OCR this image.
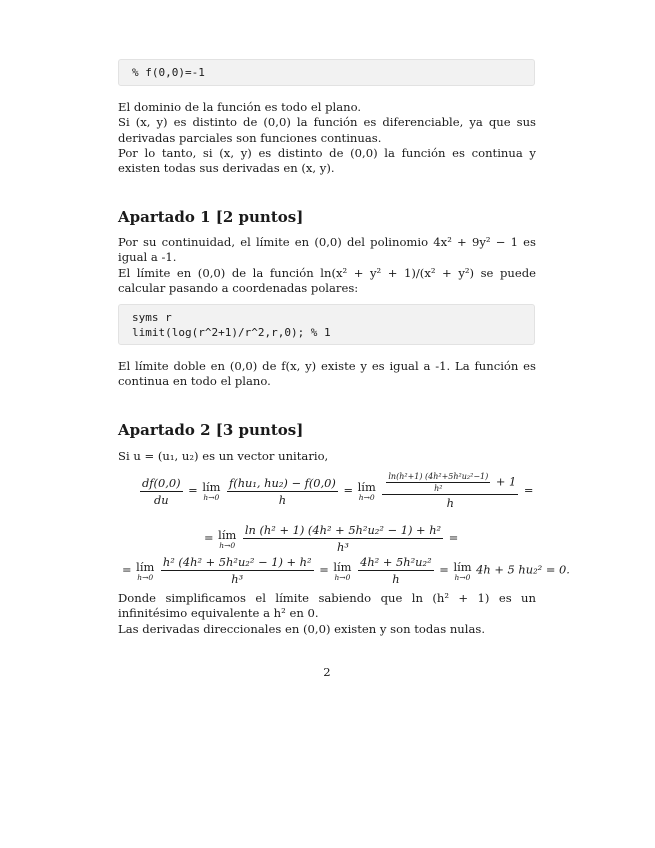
% f(0,0)=-1

El dominio de la función es todo el plano.

Si (x, y) es distinto de (0,0) la función es diferenciable, ya que sus derivadas parciales son funciones continuas.

Por lo tanto, si (x, y) es distinto de (0,0) la función es continua y existen todas sus derivadas en (x, y).

Apartado 1 [2 puntos]

Por su continuidad, el límite en (0,0) del polinomio 4x² + 9y² − 1 es igual a -1.

El límite en (0,0) de la función ln(x² + y² + 1)/(x² + y²) se puede calcular pasando a coordenadas polares:

syms r
limit(log(r^2+1)/r^2,r,0); % 1

El límite doble en (0,0) de f(x, y) existe y es igual a -1. La función es continua en todo el plano.

Apartado 2 [3 puntos]

Si u = (u₁, u₂) es un vector unitario,

$\frac{df(0,0)}{du}$ = lím
h→0
$\frac{\text{f(hu₁, hu₂) − f(0,0)}}{h}$ = lím
h→0
$\frac{\frac{\text{ln(h²+1) (4h²+5h²u₂²−1)}}{\text{h²}} + 1}{h}$ =
= lím
h→0
$\frac{\text{ln (h² + 1) (4h² + 5h²u₂² − 1) + h²}}{\text{h³}}$ =
= lím
h→0
$\frac{\text{h² (4h² + 5h²u₂² − 1) + h²}}{\text{h³}}$ = lím
h→0
$\frac{\text{4h² + 5h²u₂²}}{h}$ = lím
h→0
4h + 5 hu₂² = 0.

Donde simplificamos el límite sabiendo que ln (h² + 1) es un infinitésimo equivalente a h² en 0.

Las derivadas direccionales en (0,0) existen y son todas nulas.

2
